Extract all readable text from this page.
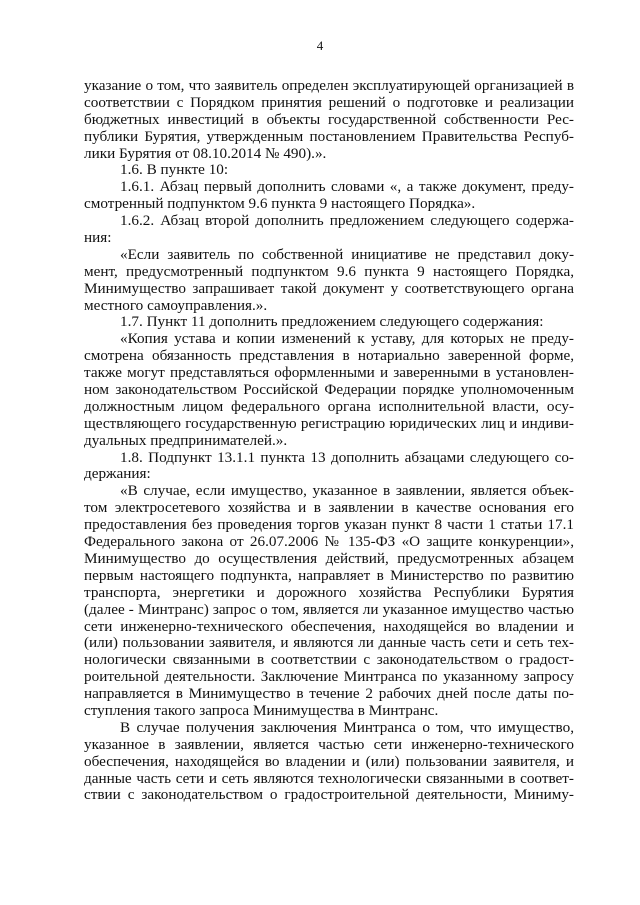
4
указание о том, что заявитель определен эксплуатирующей организацией в
соответствии с Порядком принятия решений о подготовке и реализации
бюджетных инвестиций в объекты государственной собственности Рес-
публики Бурятия, утвержденным постановлением Правительства Респуб-
лики Бурятия от 08.10.2014 № 490).».
1.6. В пункте 10:
1.6.1. Абзац первый дополнить словами «, а также документ, преду-
смотренный подпунктом 9.6 пункта 9 настоящего Порядка».
1.6.2. Абзац второй дополнить предложением следующего содержа-
ния:
«Если заявитель по собственной инициативе не представил доку-
мент, предусмотренный подпунктом 9.6 пункта 9 настоящего Порядка,
Минимущество запрашивает такой документ у соответствующего органа
местного самоуправления.».
1.7. Пункт 11 дополнить предложением следующего содержания:
«Копия устава и копии изменений к уставу, для которых не преду-
смотрена обязанность представления в нотариально заверенной форме,
также могут представляться оформленными и заверенными в установлен-
ном законодательством Российской Федерации порядке уполномоченным
должностным лицом федерального органа исполнительной власти, осу-
ществляющего государственную регистрацию юридических лиц и индиви-
дуальных предпринимателей.».
1.8. Подпункт 13.1.1 пункта 13 дополнить абзацами следующего со-
держания:
«В случае, если имущество, указанное в заявлении, является объек-
том электросетевого хозяйства и в заявлении в качестве основания его
предоставления без проведения торгов указан пункт 8 части 1 статьи 17.1
Федерального закона от 26.07.2006 № 135-ФЗ «О защите конкуренции»,
Минимущество до осуществления действий, предусмотренных абзацем
первым настоящего подпункта, направляет в Министерство по развитию
транспорта, энергетики и дорожного хозяйства Республики Бурятия
(далее - Минтранс) запрос о том, является ли указанное имущество частью
сети инженерно-технического обеспечения, находящейся во владении и
(или) пользовании заявителя, и являются ли данные часть сети и сеть тех-
нологически связанными в соответствии с законодательством о градост-
роительной деятельности. Заключение Минтранса по указанному запросу
направляется в Минимущество в течение 2 рабочих дней после даты по-
ступления такого запроса Минимущества в Минтранс.
В случае получения заключения Минтранса о том, что имущество,
указанное в заявлении, является частью сети инженерно-технического
обеспечения, находящейся во владении и (или) пользовании заявителя, и
данные часть сети и сеть являются технологически связанными в соответ-
ствии с законодательством о градостроительной деятельности, Миниму-
